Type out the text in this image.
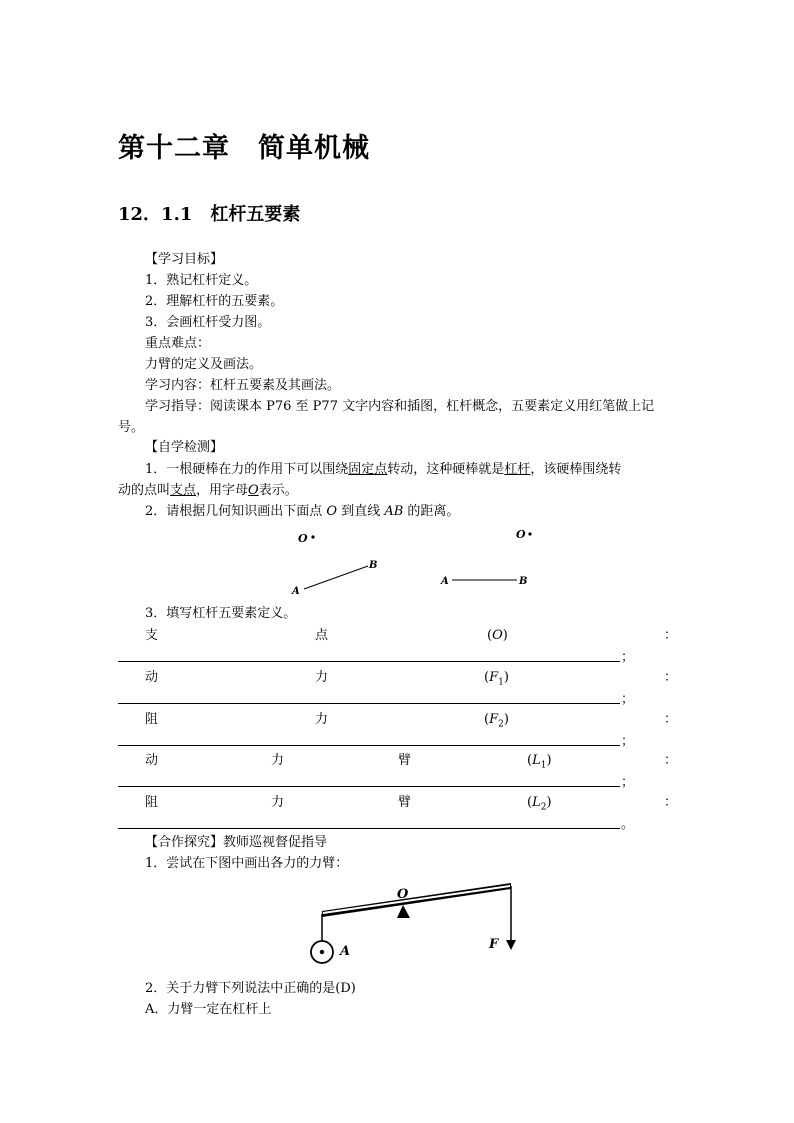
第十二章　简单机械
12．1.1　杠杆五要素
【学习目标】
1．熟记杠杆定义。
2．理解杠杆的五要素。
3．会画杠杆受力图。
重点难点：
力臂的定义及画法。
学习内容：杠杆五要素及其画法。
学习指导：阅读课本 P76 至 P77 文字内容和插图，杠杆概念，五要素定义用红笔做上记
号。
【自学检测】
1．一根硬棒在力的作用下可以围绕固定点转动，这种硬棒就是杠杆，该硬棒围绕转
动的点叫支点，用字母O表示。
2．请根据几何知识画出下面点 O 到直线 AB 的距离。
O
A
B
O
A	B
3．填写杠杆五要素定义。
支	点	(O)	：
；
动	力	$(F_1)$	：
；
阻	力	$(F_2)$	：
；
动	力	臂	$(L_1)$	：
；
阻	力	臂	$(L_2)$	：
。
【合作探究】教师巡视督促指导
1．尝试在下图中画出各力的力臂：
O
A	F
2．关于力臂下列说法中正确的是(D)
A．力臂一定在杠杆上
